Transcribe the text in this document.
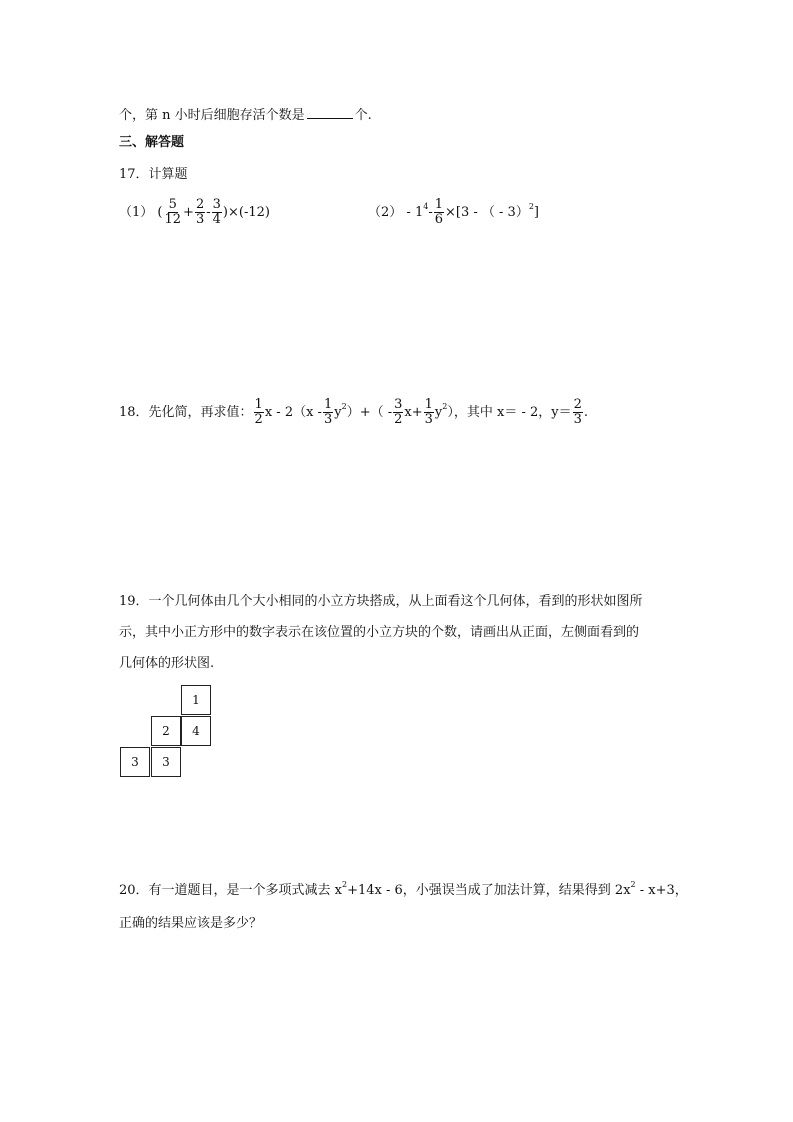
个，第 n 小时后细胞存活个数是	个.
三、解答题
17．计算题
（1） ( $\frac{5}{12} + \frac{2}{3} - \frac{3}{4} )\times(-12)$	$(2) - 1^4- \frac{1}{6} \times[3$ - （ - 3）$^2$]
18．先化简，再求值： $\frac{1}{2}$ $x - 2(x - \frac{1}{3} y^2)+( - \frac{3}{2} x+ \frac{1}{3} y^2)$，其中 x＝ - 2，$y= \frac{2}{3}$ .
19．一个几何体由几个大小相同的小立方块搭成，从上面看这个几何体，看到的形状如图所
示，其中小正方形中的数字表示在该位置的小立方块的个数，请画出从正面，左侧面看到的
几何体的形状图.
1
2	4
3	3
20．有一道题目，是一个多项式减去 $x^2+14x - 6$，小强误当成了加法计算，结果得到 $2x^2 - x+3$，
正确的结果应该是多少？
